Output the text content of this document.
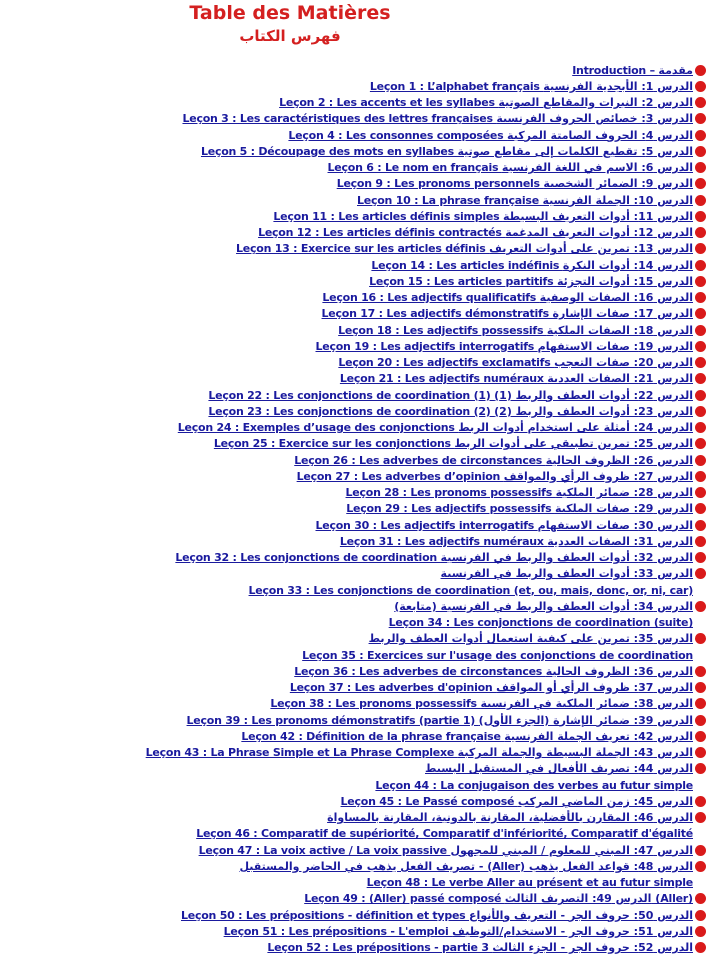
Table des Matières
فهرس الكتاب
Introduction – مقدمة
Leçon 1 : L’alphabet français الدرس 1: الأبجدية الفرنسية
Leçon 2 : Les accents et les syllabes الدرس 2: النبرات والمقاطع الصوتية
Leçon 3 : Les caractéristiques des lettres françaises الدرس 3: خصائص الحروف الفرنسية
Leçon 4 : Les consonnes composées الدرس 4: الحروف الصامتة المركبة
Leçon 5 : Découpage des mots en syllabes الدرس 5: تقطيع الكلمات إلى مقاطع صوتية
Leçon 6 : Le nom en français الدرس 6: الاسم في اللغة الفرنسية
Leçon 9 : Les pronoms personnels الدرس 9: الضمائر الشخصية
Leçon 10 : La phrase française الدرس 10: الجملة الفرنسية
Leçon 11 : Les articles définis simples الدرس 11: أدوات التعريف البسيطة
Leçon 12 : Les articles définis contractés الدرس 12: أدوات التعريف المدغمة
Leçon 13 : Exercice sur les articles définis الدرس 13: تمرين على أدوات التعريف
Leçon 14 : Les articles indéfinis الدرس 14: أدوات النكرة
Leçon 15 : Les articles partitifs الدرس 15: أدوات التجزئة
Leçon 16 : Les adjectifs qualificatifs الدرس 16: الصفات الوصفية
Leçon 17 : Les adjectifs démonstratifs الدرس 17: صفات الإشارة
Leçon 18 : Les adjectifs possessifs الدرس 18: الصفات الملكية
Leçon 19 : Les adjectifs interrogatifs الدرس 19: صفات الاستفهام
Leçon 20 : Les adjectifs exclamatifs الدرس 20: صفات التعجب
Leçon 21 : Les adjectifs numéraux الدرس 21: الصفات العددية
Leçon 22 : Les conjonctions de coordination (1) الدرس 22: أدوات العطف والربط (1)
Leçon 23 : Les conjonctions de coordination (2) الدرس 23: أدوات العطف والربط (2)
Leçon 24 : Exemples d’usage des conjonctions الدرس 24: أمثلة على استخدام أدوات الربط
Leçon 25 : Exercice sur les conjonctions الدرس 25: تمرين تطبيقي على أدوات الربط
Leçon 26 : Les adverbes de circonstances الدرس 26: الظروف الحالية
Leçon 27 : Les adverbes d’opinion الدرس 27: ظروف الرأي والمواقف
Leçon 28 : Les pronoms possessifs الدرس 28: ضمائر الملكية
Leçon 29 : Les adjectifs possessifs الدرس 29: صفات الملكية
Leçon 30 : Les adjectifs interrogatifs الدرس 30: صفات الاستفهام
Leçon 31 : Les adjectifs numéraux الدرس 31: الصفات العددية
Leçon 32 : Les conjonctions de coordination الدرس 32: أدوات العطف والربط في الفرنسية
الدرس 33: أدوات العطف والربط في الفرنسية
Leçon 33 : Les conjonctions de coordination (et, ou, mais, donc, or, ni, car)
الدرس 34: أدوات العطف والربط في الفرنسية (متابعة)
Leçon 34 : Les conjonctions de coordination (suite)
الدرس 35: تمرين على كيفية استعمال أدوات العطف والربط
Leçon 35 : Exercices sur l'usage des conjonctions de coordination
Leçon 36 : Les adverbes de circonstances الدرس 36: الظروف الحالية
Leçon 37 : Les adverbes d'opinion الدرس 37: ظروف الرأي أو المواقف
Leçon 38 : Les pronoms possessifs الدرس 38: ضمائر الملكية في الفرنسية
Leçon 39 : Les pronoms démonstratifs (partie 1) الدرس 39: ضمائر الإشارة (الجزء الأول)
Leçon 42 : Définition de la phrase française الدرس 42: تعريف الجملة الفرنسية
Leçon 43 : La Phrase Simple et La Phrase Complexe الدرس 43: الجملة البسيطة والجملة المركبة
الدرس 44: تصريف الأفعال في المستقبل البسيط
Leçon 44 : La conjugaison des verbes au futur simple
Leçon 45 : Le Passé composé الدرس 45: زمن الماضي المركب
الدرس 46: المقارن بالأفضلية، المقارنة بالدونية، المقارنة بالمساواة
Leçon 46 : Comparatif de supériorité, Comparatif d'infériorité, Comparatif d'égalité
Leçon 47 : La voix active / La voix passive الدرس 47: المبني للمعلوم / المبني للمجهول
الدرس 48: قواعد الفعل يذهب (Aller) - تصريف الفعل يذهب في الحاضر والمستقبل
Leçon 48 : Le verbe Aller au présent et au futur simple
Leçon 49 : (Aller) passé composé الدرس 49: التصريف الثالث (Aller)
Leçon 50 : Les prépositions - définition et types الدرس 50: حروف الجر - التعريف والأنواع
Leçon 51 : Les prépositions - L'emploi الدرس 51: حروف الجر - الاستخدام/التوظيف
Leçon 52 : Les prépositions - partie 3 الدرس 52: حروف الجر - الجزء الثالث
